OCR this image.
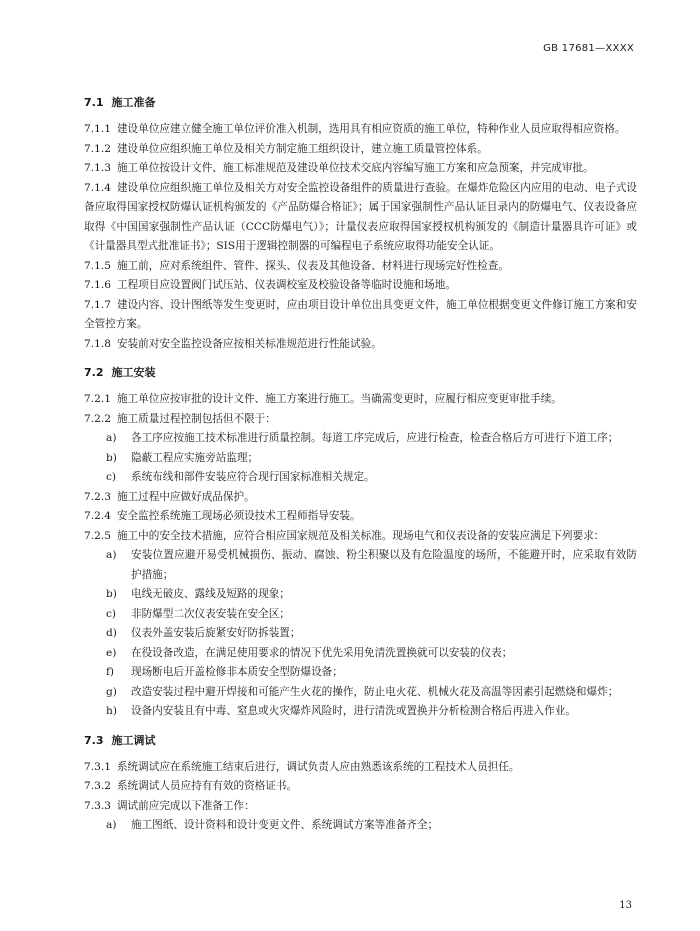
GB 17681—XXXX
7.1 施工准备

7.1.1 建设单位应建立健全施工单位评价准入机制，选用具有相应资质的施工单位，特种作业人员应取得相应资格。

7.1.2 建设单位应组织施工单位及相关方制定施工组织设计，建立施工质量管控体系。

7.1.3 施工单位按设计文件、施工标准规范及建设单位技术交底内容编写施工方案和应急预案，并完成审批。

7.1.4 建设单位应组织施工单位及相关方对安全监控设备组件的质量进行查验。在爆炸危险区内应用的电动、电子式设备应取得国家授权防爆认证机构颁发的《产品防爆合格证》；属于国家强制性产品认证目录内的防爆电气、仪表设备应取得《中国国家强制性产品认证（CCC防爆电气）》；计量仪表应取得国家授权机构颁发的《制造计量器具许可证》或《计量器具型式批准证书》；SIS用于逻辑控制器的可编程电子系统应取得功能安全认证。

7.1.5 施工前，应对系统组件、管件、探头、仪表及其他设备、材料进行现场完好性检查。

7.1.6 工程项目应设置阀门试压站、仪表调校室及校验设备等临时设施和场地。

7.1.7 建设内容、设计图纸等发生变更时，应由项目设计单位出具变更文件，施工单位根据变更文件修订施工方案和安全管控方案。

7.1.8 安装前对安全监控设备应按相关标准规范进行性能试验。

7.2 施工安装

7.2.1 施工单位应按审批的设计文件、施工方案进行施工。当确需变更时，应履行相应变更审批手续。

7.2.2 施工质量过程控制包括但不限于：

a) 各工序应按施工技术标准进行质量控制。每道工序完成后，应进行检查，检查合格后方可进行下道工序；
b) 隐蔽工程应实施旁站监理；
c) 系统布线和部件安装应符合现行国家标准相关规定。

7.2.3 施工过程中应做好成品保护。

7.2.4 安全监控系统施工现场必须设技术工程师指导安装。

7.2.5 施工中的安全技术措施，应符合相应国家规范及相关标准。现场电气和仪表设备的安装应满足下列要求：

a) 安装位置应避开易受机械损伤、振动、腐蚀、粉尘积聚以及有危险温度的场所，不能避开时，应采取有效防护措施；
b) 电线无破皮、露线及短路的现象；
c) 非防爆型二次仪表安装在安全区；
d) 仪表外盖安装后旋紧安好防拆装置；
e) 在役设备改造，在满足使用要求的情况下优先采用免清洗置换就可以安装的仪表；
f) 现场断电后开盖检修非本质安全型防爆设备；
g) 改造安装过程中避开焊接和可能产生火花的操作，防止电火花、机械火花及高温等因素引起燃烧和爆炸；
h) 设备内安装且有中毒、窒息或火灾爆炸风险时，进行清洗或置换并分析检测合格后再进入作业。
7.3 施工调试

7.3.1 系统调试应在系统施工结束后进行，调试负责人应由熟悉该系统的工程技术人员担任。

7.3.2 系统调试人员应持有有效的资格证书。

7.3.3 调试前应完成以下准备工作：

a) 施工图纸、设计资料和设计变更文件、系统调试方案等准备齐全；
13
